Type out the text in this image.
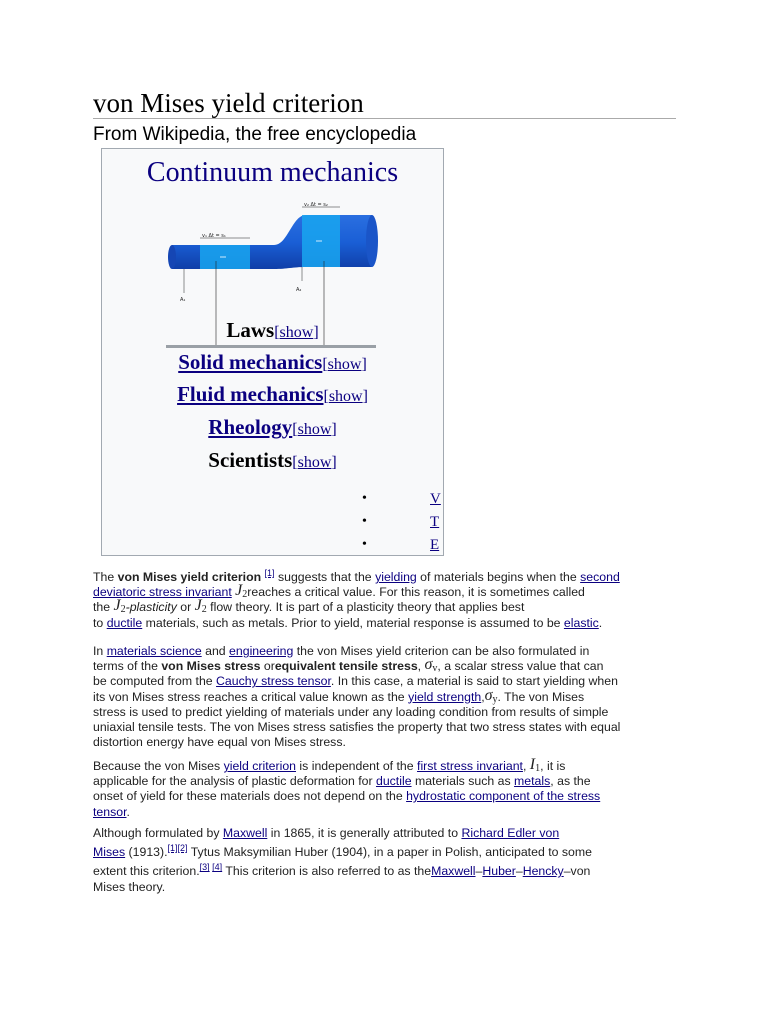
von Mises yield criterion
From Wikipedia, the free encyclopedia
Continuum mechanics
v₁ Δt = s₁
v₂ Δt = s₂
A₁
A₂
Laws[show]
Solid mechanics[show]
Fluid mechanics[show]
Rheology[show]
Scientists[show]
•	V
•	T
•	E
The von Mises yield criterion [1] suggests that the yielding of materials begins when the second
deviatoric stress invariant $J_2reaches$ a critical value. For this reason, it is sometimes called
the $J_2$-plasticity or $J_2$ flow theory. It is part of a plasticity theory that applies best
to ductile materials, such as metals. Prior to yield, material response is assumed to be elastic.
In materials science and engineering the von Mises yield criterion can be also formulated in
terms of the von Mises stress orequivalent tensile stress, $\sigma_v$, a scalar stress value that can
be computed from the Cauchy stress tensor. In this case, a material is said to start yielding when
its von Mises stress reaches a critical value known as the yield $strength,\sigma_y$. The von Mises
stress is used to predict yielding of materials under any loading condition from results of simple
uniaxial tensile tests. The von Mises stress satisfies the property that two stress states with equal
distortion energy have equal von Mises stress.
Because the von Mises yield criterion is independent of the first stress invariant, $I_1$, it is
applicable for the analysis of plastic deformation for ductile materials such as metals, as the
onset of yield for these materials does not depend on the hydrostatic component of the stress
tensor.
Although formulated by Maxwell in 1865, it is generally attributed to Richard Edler von
Mises (1913).[1][2] Tytus Maksymilian Huber (1904), in a paper in Polish, anticipated to some
extent this criterion.[3] [4] This criterion is also referred to as theMaxwell–Huber–Hencky–von
Mises theory.
